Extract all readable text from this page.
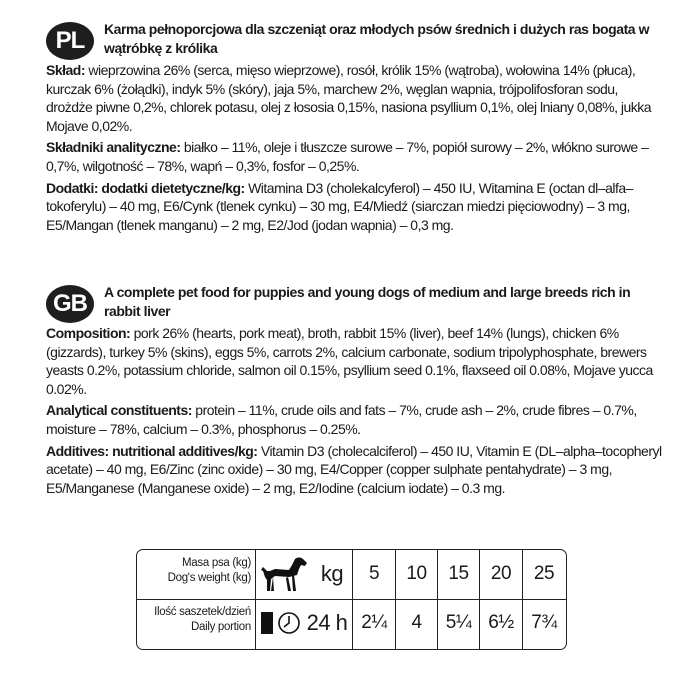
PL	Karma pełnoporcjowa dla szczeniąt oraz młodych psów średnich i dużych ras bogata w wątróbkę z królika
Skład: wieprzowina 26% (serca, mięso wieprzowe), rosół, królik 15% (wątroba), wołowina 14% (płuca), kurczak 6% (żołądki), indyk 5% (skóry), jaja 5%, marchew 2%, węglan wapnia, trójpolifosforan sodu, drożdże piwne 0,2%, chlorek potasu, olej z łososia 0,15%, nasiona psyllium 0,1%, olej lniany 0,08%, jukka Mojave 0,02%.
Składniki analityczne: białko – 11%, oleje i tłuszcze surowe – 7%, popiół surowy – 2%, włókno surowe – 0,7%, wilgotność – 78%, wapń – 0,3%, fosfor – 0,25%.
Dodatki: dodatki dietetyczne/kg: Witamina D3 (cholekalcyferol) – 450 IU, Witamina E (octan dl–alfa–tokoferylu) – 40 mg, E6/Cynk (tlenek cynku) – 30 mg, E4/Miedź (siarczan miedzi pięciowodny) – 3 mg, E5/Mangan (tlenek manganu) – 2 mg, E2/Jod (jodan wapnia) – 0,3 mg.
GB	A complete pet food for puppies and young dogs of medium and large breeds rich in rabbit liver
Composition: pork 26% (hearts, pork meat), broth, rabbit 15% (liver), beef 14% (lungs), chicken 6% (gizzards), turkey 5% (skins), eggs 5%, carrots 2%, calcium carbonate, sodium tripolyphosphate, brewers yeasts 0.2%, potassium chloride, salmon oil 0.15%, psyllium seed 0.1%, flaxseed oil 0.08%, Mojave yucca 0.02%.
Analytical constituents: protein – 11%, crude oils and fats – 7%, crude ash – 2%, crude fibres – 0.7%, moisture – 78%, calcium – 0.3%, phosphorus – 0.25%.
Additives: nutritional additives/kg: Vitamin D3 (cholecalciferol) – 450 IU, Vitamin E (DL–alpha–tocopheryl acetate) – 40 mg, E6/Zinc (zinc oxide) – 30 mg, E4/Copper (copper sulphate pentahydrate) – 3 mg, E5/Manganese (Manganese oxide) – 2 mg, E2/Iodine (calcium iodate) – 0.3 mg.
Masa psa (kg)
Dog's weight (kg)
Ilość saszetek/dzień
Daily portion
kg
24 h
5	10	15	20	25
2¼	4	5¼ 6½ 7¾
